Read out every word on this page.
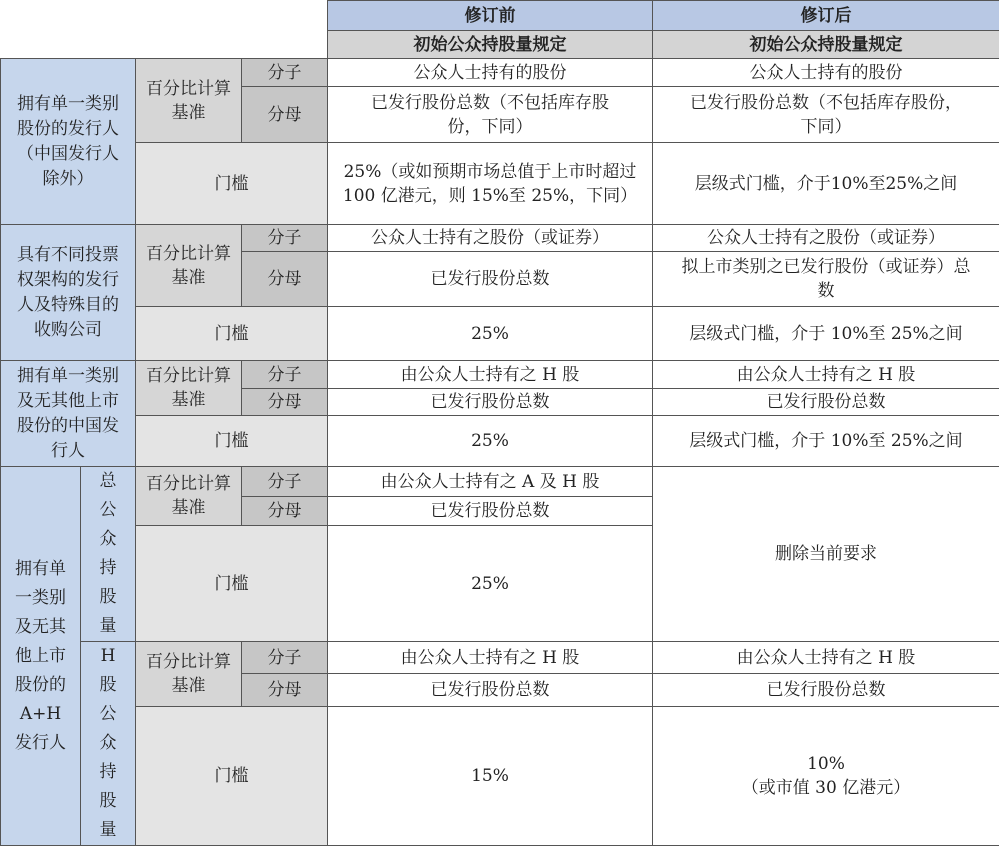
				修订前	修订后
				初始公众持股量规定	初始公众持股量规定
拥有单一类别股份的发行人（中国发行人除外）		百分比计算基准	分子	公众人士持有的股份	公众人士持有的股份
			分母	已发行股份总数（不包括库存股份，下同）	已发行股份总数（不包括库存股份，下同）
		门槛		25%（或如预期市场总值于上市时超过 100 亿港元，则 15%至 25%，下同）	层级式门槛，介于10%至25%之间
具有不同投票权架构的发行人及特殊目的收购公司		百分比计算基准	分子	公众人士持有之股份（或证券）	公众人士持有之股份（或证券）
			分母	已发行股份总数	拟上市类别之已发行股份（或证券）总数
		门槛		25%	层级式门槛，介于 10%至 25%之间
拥有单一类别及无其他上市股份的中国发行人		百分比计算基准	分子	由公众人士持有之 H 股	由公众人士持有之 H 股
			分母	已发行股份总数	已发行股份总数
		门槛		25%	层级式门槛，介于 10%至 25%之间
拥有单一类别及无其他上市股份的A+H发行人	总公众持股量	百分比计算基准	分子	由公众人士持有之 A 及 H 股	删除当前要求
			分母	已发行股份总数	
		门槛		25%	
	H股公众持股量	百分比计算基准	分子	由公众人士持有之 H 股	由公众人士持有之 H 股
			分母	已发行股份总数	已发行股份总数
		门槛		15%	10%
（或市值 30 亿港元）
